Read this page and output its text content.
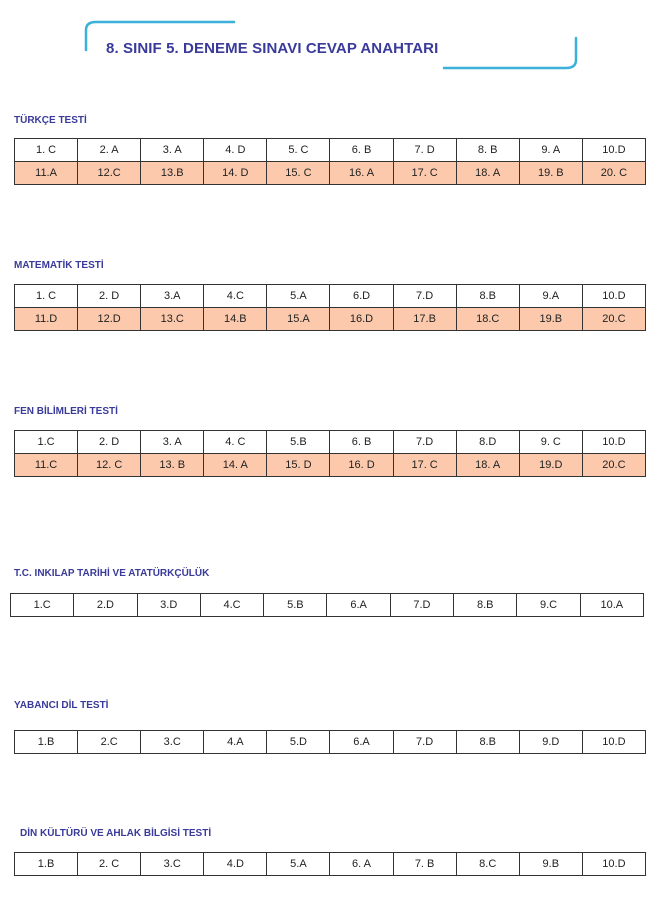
8. SINIF 5. DENEME SINAVI CEVAP ANAHTARI
TÜRKÇE TESTİ
1. C	2. A	3. A	4. D	5. C	6. B	7. D	8. B	9. A	10.D
11.A	12.C	13.B	14. D	15. C	16. A	17. C	18. A	19. B	20. C
MATEMATİK TESTİ
1. C	2. D	3.A	4.C	5.A	6.D	7.D	8.B	9.A	10.D
11.D	12.D	13.C	14.B	15.A	16.D	17.B	18.C	19.B	20.C
FEN BİLİMLERİ TESTİ
1.C	2. D	3. A	4. C	5.B	6. B	7.D	8.D	9. C	10.D
11.C	12. C	13. B	14. A	15. D	16. D	17. C	18. A	19.D	20.C
T.C. INKILAP TARİHİ VE ATATÜRKÇÜLÜK
1.C	2.D	3.D	4.C	5.B	6.A	7.D	8.B	9.C	10.A
YABANCI DİL TESTİ
1.B	2.C	3.C	4.A	5.D	6.A	7.D	8.B	9.D	10.D
DİN KÜLTÜRÜ VE AHLAK BİLGİSİ TESTİ
1.B	2. C	3.C	4.D	5.A	6. A	7. B	8.C	9.B	10.D
